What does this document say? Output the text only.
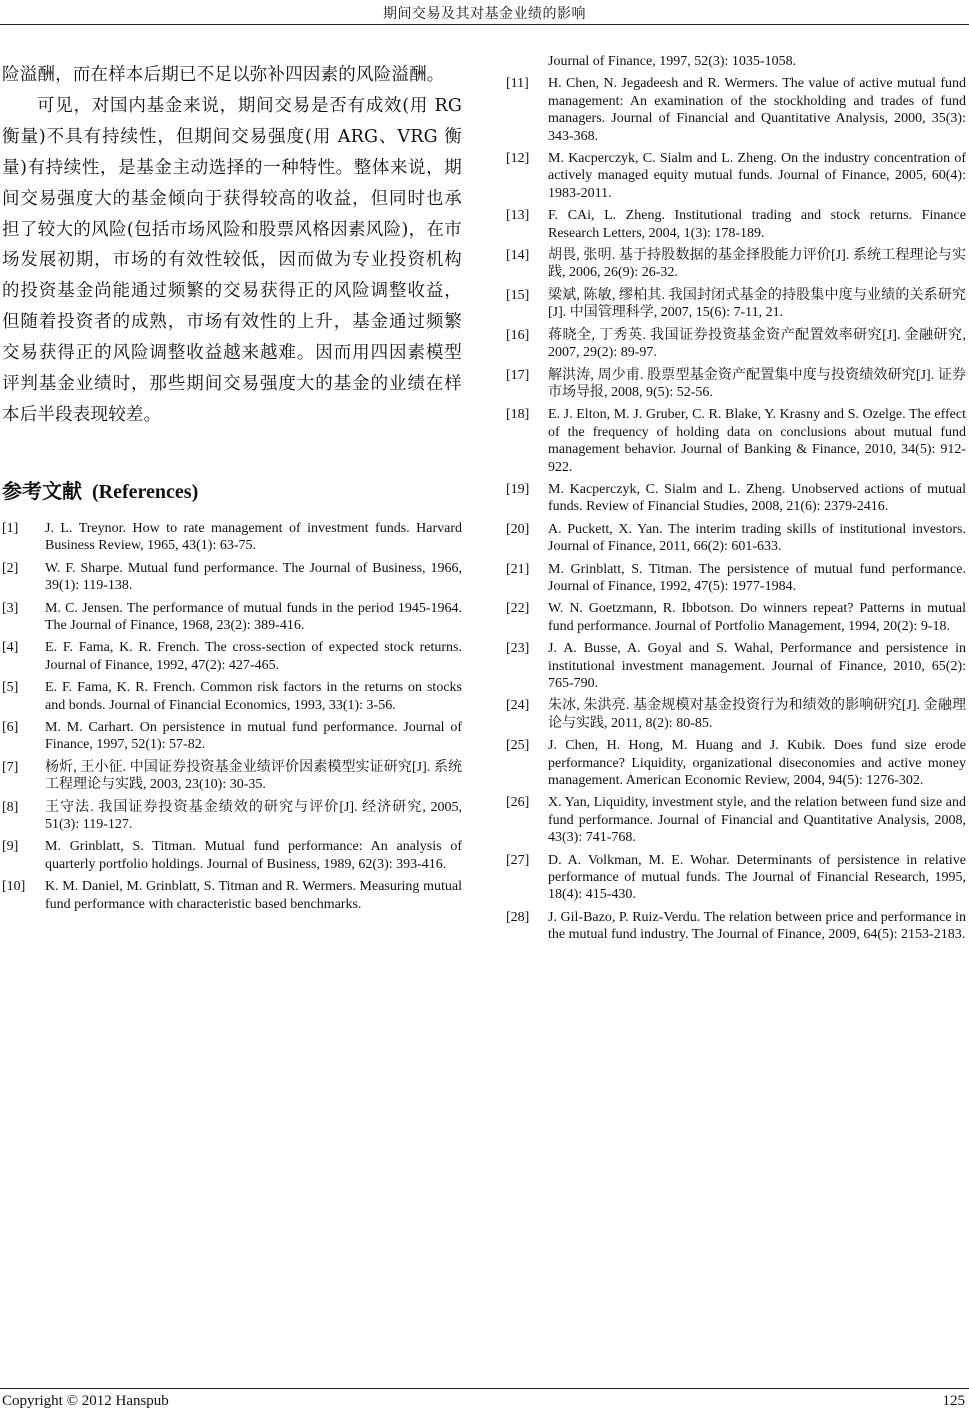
期间交易及其对基金业绩的影响

险溢酬，而在样本后期已不足以弥补四因素的风险溢酬。

可见，对国内基金来说，期间交易是否有成效(用 RG 衡量)不具有持续性，但期间交易强度(用 ARG、VRG 衡量)有持续性，是基金主动选择的一种特性。整体来说，期间交易强度大的基金倾向于获得较高的收益，但同时也承担了较大的风险(包括市场风险和股票风格因素风险)，在市场发展初期，市场的有效性较低，因而做为专业投资机构的投资基金尚能通过频繁的交易获得正的风险调整收益，但随着投资者的成熟，市场有效性的上升，基金通过频繁交易获得正的风险调整收益越来越难。因而用四因素模型评判基金业绩时，那些期间交易强度大的基金的业绩在样本后半段表现较差。

参考文献 (References)
[1] J. L. Treynor. How to rate management of investment funds. Harvard Business Review, 1965, 43(1): 63-75.
[2] W. F. Sharpe. Mutual fund performance. The Journal of Business, 1966, 39(1): 119-138.
[3] M. C. Jensen. The performance of mutual funds in the period 1945-1964. The Journal of Finance, 1968, 23(2): 389-416.
[4] E. F. Fama, K. R. French. The cross-section of expected stock returns. Journal of Finance, 1992, 47(2): 427-465.
[5] E. F. Fama, K. R. French. Common risk factors in the returns on stocks and bonds. Journal of Financial Economics, 1993, 33(1): 3-56.
[6] M. M. Carhart. On persistence in mutual fund performance. Journal of Finance, 1997, 52(1): 57-82.
[7] 杨炘, 王小征. 中国证券投资基金业绩评价因素模型实证研究[J]. 系统工程理论与实践, 2003, 23(10): 30-35.
[8] 王守法. 我国证券投资基金绩效的研究与评价[J]. 经济研究, 2005, 51(3): 119-127.
[9] M. Grinblatt, S. Titman. Mutual fund performance: An analysis of quarterly portfolio holdings. Journal of Business, 1989, 62(3): 393-416.
[10] K. M. Daniel, M. Grinblatt, S. Titman and R. Wermers. Measuring mutual fund performance with characteristic based benchmarks.
Journal of Finance, 1997, 52(3): 1035-1058.
[11] H. Chen, N. Jegadeesh and R. Wermers. The value of active mutual fund management: An examination of the stockholding and trades of fund managers. Journal of Financial and Quantitative Analysis, 2000, 35(3): 343-368.
[12] M. Kacperczyk, C. Sialm and L. Zheng. On the industry concentration of actively managed equity mutual funds. Journal of Finance, 2005, 60(4): 1983-2011.
[13] F. CAi, L. Zheng. Institutional trading and stock returns. Finance Research Letters, 2004, 1(3): 178-189.
[14] 胡畏, 张明. 基于持股数据的基金择股能力评价[J]. 系统工程理论与实践, 2006, 26(9): 26-32.
[15] 梁斌, 陈敏, 缪柏其. 我国封闭式基金的持股集中度与业绩的关系研究[J]. 中国管理科学, 2007, 15(6): 7-11, 21.
[16] 蒋晓全, 丁秀英. 我国证券投资基金资产配置效率研究[J]. 金融研究, 2007, 29(2): 89-97.
[17] 解洪涛, 周少甫. 股票型基金资产配置集中度与投资绩效研究[J]. 证券市场导报, 2008, 9(5): 52-56.
[18] E. J. Elton, M. J. Gruber, C. R. Blake, Y. Krasny and S. Ozelge. The effect of the frequency of holding data on conclusions about mutual fund management behavior. Journal of Banking & Finance, 2010, 34(5): 912-922.
[19] M. Kacperczyk, C. Sialm and L. Zheng. Unobserved actions of mutual funds. Review of Financial Studies, 2008, 21(6): 2379-2416.
[20] A. Puckett, X. Yan. The interim trading skills of institutional investors. Journal of Finance, 2011, 66(2): 601-633.
[21] M. Grinblatt, S. Titman. The persistence of mutual fund performance. Journal of Finance, 1992, 47(5): 1977-1984.
[22] W. N. Goetzmann, R. Ibbotson. Do winners repeat? Patterns in mutual fund performance. Journal of Portfolio Management, 1994, 20(2): 9-18.
[23] J. A. Busse, A. Goyal and S. Wahal, Performance and persistence in institutional investment management. Journal of Finance, 2010, 65(2): 765-790.
[24] 朱冰, 朱洪亮. 基金规模对基金投资行为和绩效的影响研究[J]. 金融理论与实践, 2011, 8(2): 80-85.
[25] J. Chen, H. Hong, M. Huang and J. Kubik. Does fund size erode performance? Liquidity, organizational diseconomies and active money management. American Economic Review, 2004, 94(5): 1276-302.
[26] X. Yan, Liquidity, investment style, and the relation between fund size and fund performance. Journal of Financial and Quantitative Analysis, 2008, 43(3): 741-768.
[27] D. A. Volkman, M. E. Wohar. Determinants of persistence in relative performance of mutual funds. The Journal of Financial Research, 1995, 18(4): 415-430.
[28] J. Gil-Bazo, P. Ruiz-Verdu. The relation between price and performance in the mutual fund industry. The Journal of Finance, 2009, 64(5): 2153-2183.
Copyright © 2012 Hanspub	125
